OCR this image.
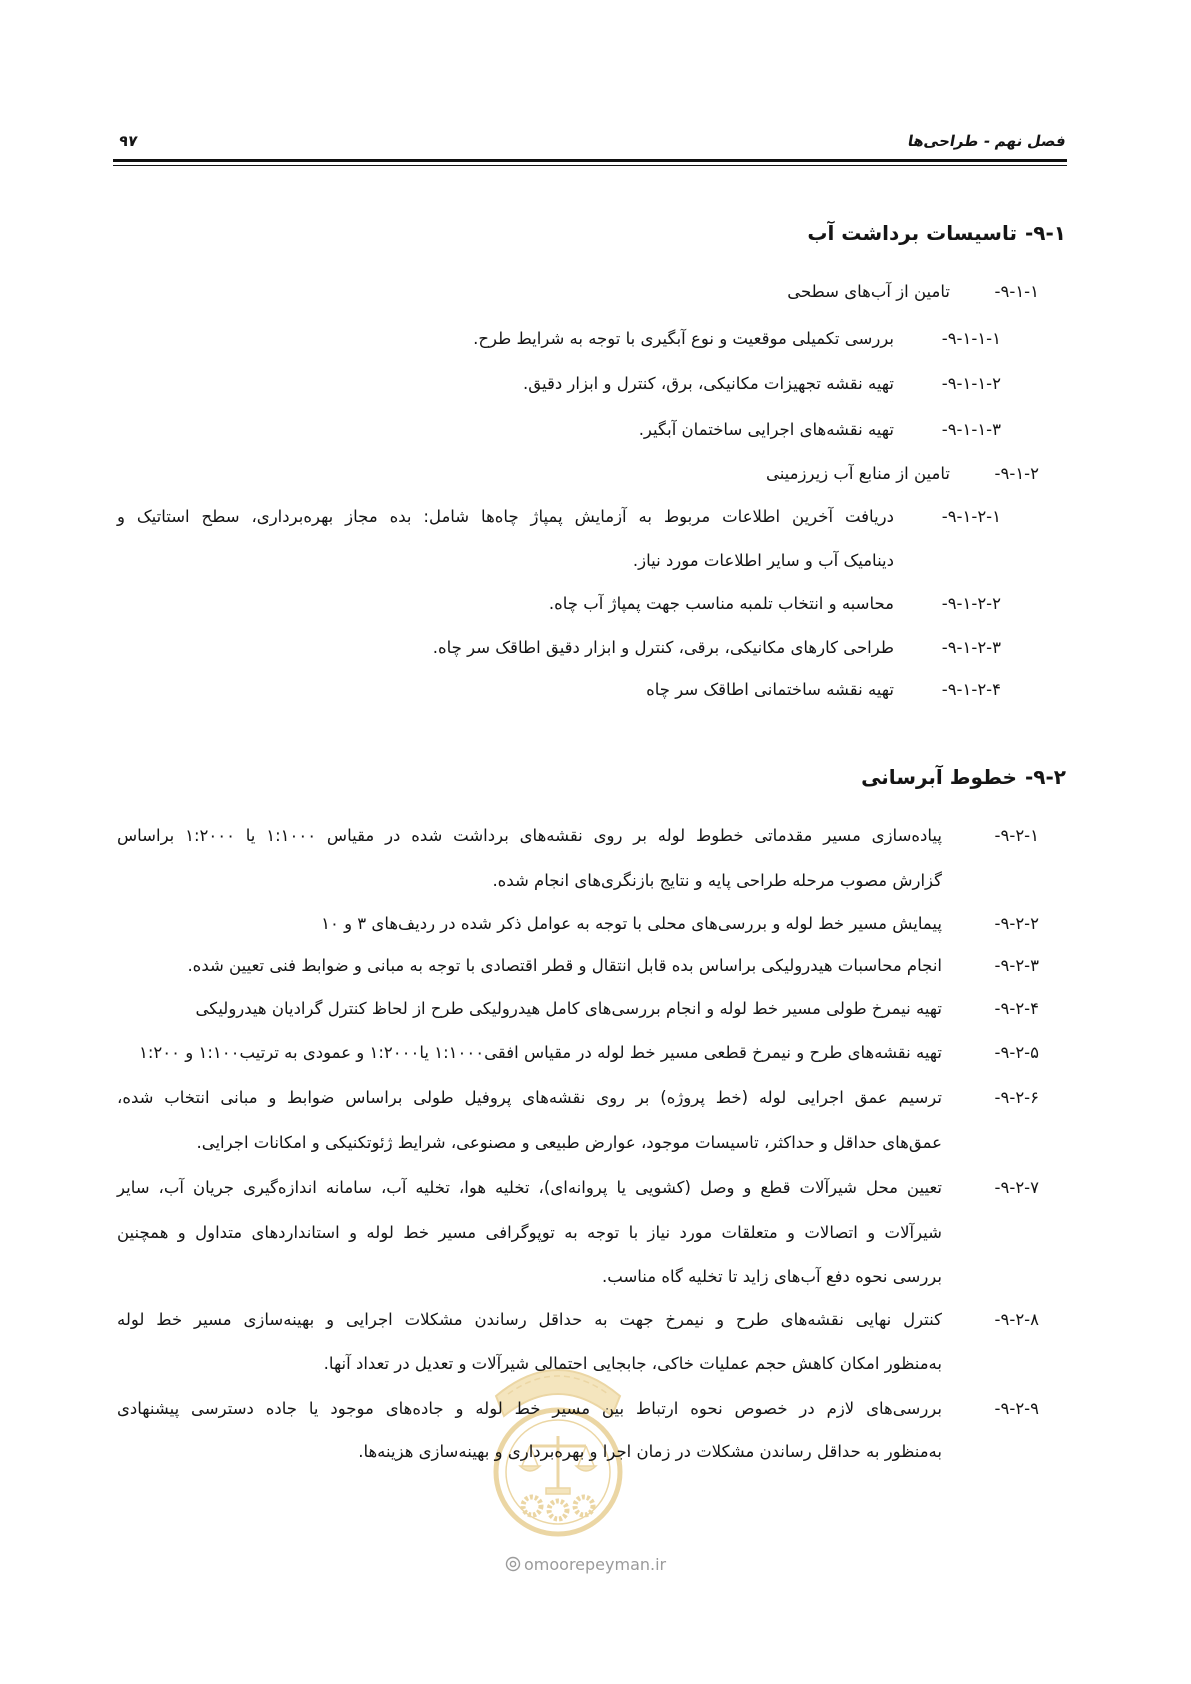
فصل نهم - طراحی‌ها
۹۷
omoorepeyman.ir
۹-۱-تاسیسات برداشت آب
۹-۱-۱-
تامین از آب‌های سطحی
۹-۱-۱-۱-
بررسی تکمیلی موقعیت و نوع آبگیری با توجه به شرایط طرح.
۹-۱-۱-۲-
تهیه نقشه تجهیزات مکانیکی، برق، کنترل و ابزار دقیق.
۹-۱-۱-۳-
تهیه نقشه‌های اجرایی ساختمان آبگیر.
۹-۱-۲-
تامین از منابع آب زیرزمینی
۹-۱-۲-۱-
دریافت آخرین اطلاعات مربوط به آزمایش پمپاژ چاه‌ها شامل: بده مجاز بهره‌برداری، سطح استاتیک و
دینامیک آب و سایر اطلاعات مورد نیاز.
۹-۱-۲-۲-
محاسبه و انتخاب تلمبه مناسب جهت پمپاژ آب چاه.
۹-۱-۲-۳-
طراحی کارهای مکانیکی، برقی، کنترل و ابزار دقیق اطاقک سر چاه.
۹-۱-۲-۴-
تهیه نقشه ساختمانی اطاقک سر چاه
۹-۲-خطوط آبرسانی
۹-۲-۱-
پیاده‌سازی مسیر مقدماتی خطوط لوله بر روی نقشه‌های برداشت شده در مقیاس ۱:۱۰۰۰ یا ۱:۲۰۰۰ براساس
گزارش مصوب مرحله طراحی پایه و نتایج بازنگری‌های انجام شده.
۹-۲-۲-
پیمایش مسیر خط لوله و بررسی‌های محلی با توجه به عوامل ذکر شده در ردیف‌های ۳ و ۱۰
۹-۲-۳-
انجام محاسبات هیدرولیکی براساس بده قابل انتقال و قطر اقتصادی با توجه به مبانی و ضوابط فنی تعیین شده.
۹-۲-۴-
تهیه نیمرخ طولی مسیر خط لوله و انجام بررسی‌های کامل هیدرولیکی طرح از لحاظ کنترل گرادیان هیدرولیکی
۹-۲-۵-
تهیه نقشه‌های طرح و نیمرخ قطعی مسیر خط لوله در مقیاس افقی۱:۱۰۰۰ یا۱:۲۰۰۰ و عمودی به ترتیب۱:۱۰۰ و ۱:۲۰۰
۹-۲-۶-
ترسیم عمق اجرایی لوله (خط پروژه) بر روی نقشه‌های پروفیل طولی براساس ضوابط و مبانی انتخاب شده،
عمق‌های حداقل و حداکثر، تاسیسات موجود، عوارض طبیعی و مصنوعی، شرایط ژئوتکنیکی و امکانات اجرایی.
۹-۲-۷-
تعیین محل شیرآلات قطع و وصل (کشویی یا پروانه‌ای)، تخلیه هوا، تخلیه آب، سامانه اندازه‌گیری جریان آب، سایر
شیرآلات و اتصالات و متعلقات مورد نیاز با توجه به توپوگرافی مسیر خط لوله و استانداردهای متداول و همچنین
بررسی نحوه دفع آب‌های زاید تا تخلیه گاه مناسب.
۹-۲-۸-
کنترل نهایی نقشه‌های طرح و نیمرخ جهت به حداقل رساندن مشکلات اجرایی و بهینه‌سازی مسیر خط لوله
به‌منظور امکان کاهش حجم عملیات خاکی، جابجایی احتمالی شیرآلات و تعدیل در تعداد آنها.
۹-۲-۹-
بررسی‌های لازم در خصوص نحوه ارتباط بین مسیر خط لوله و جاده‌های موجود یا جاده دسترسی پیشنهادی
به‌منظور به حداقل رساندن مشکلات در زمان اجرا و بهره‌برداری و بهینه‌سازی هزینه‌ها.
